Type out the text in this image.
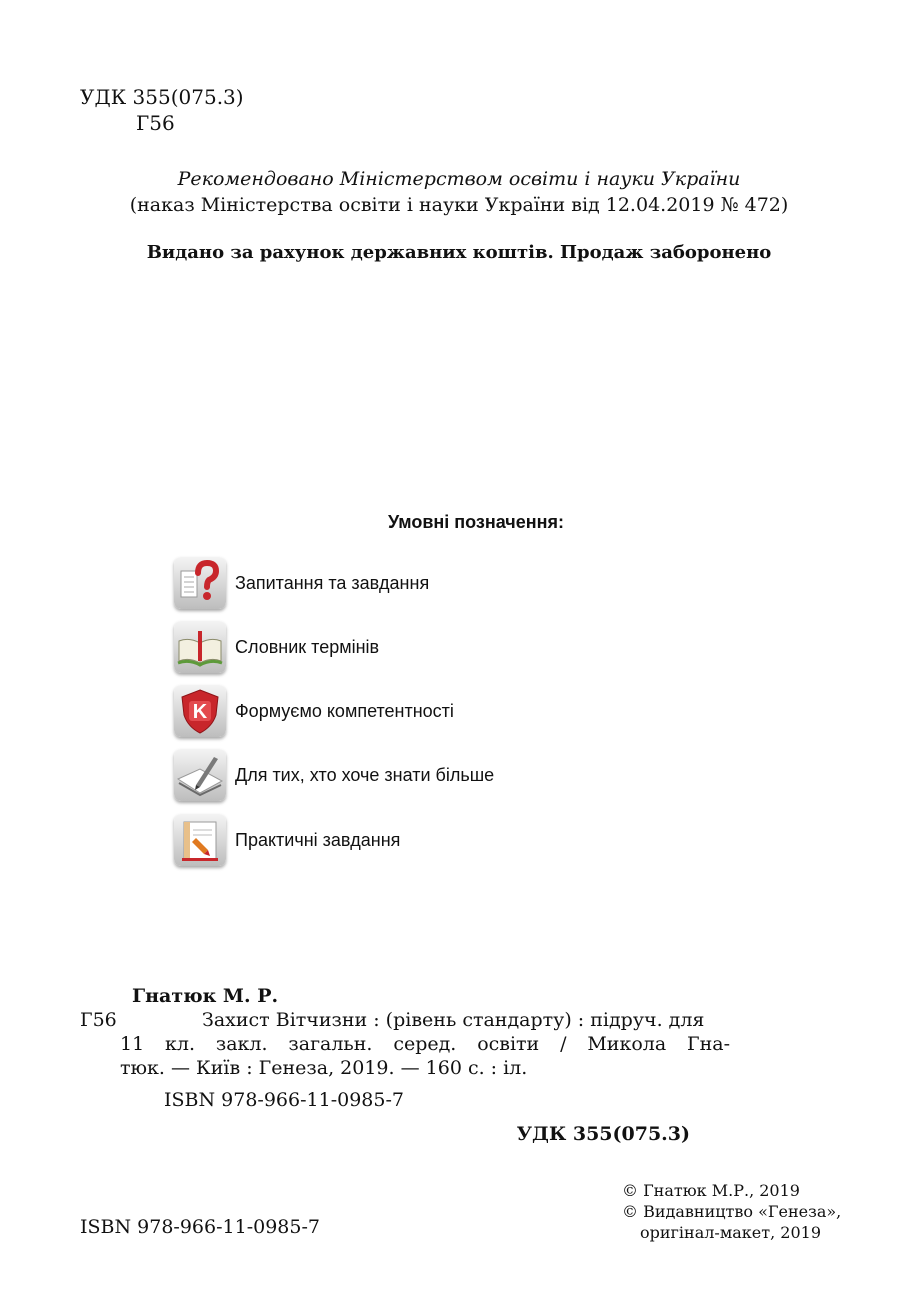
УДК 355(075.3)
Г56
Рекомендовано Міністерством освіти і науки України
(наказ Міністерства освіти і науки України від 12.04.2019 № 472)
Видано за рахунок державних коштів. Продаж заборонено
Умовні позначення:
Запитання та завдання
Словник термінів
K Формуємо компетентності
Для тих, хто хоче знати більше
Практичні завдання
Гнатюк М. Р.
Г56	Захист Вітчизни : (рівень стандарту) : підруч. для
11 кл. закл. загальн. серед. освіти / Микола Гна-
тюк. — Київ : Генеза, 2019. — 160 с. : іл.
ISBN 978-966-11-0985-7
УДК 355(075.3)
© Гнатюк М.Р., 2019
© Видавництво «Генеза»,
оригінал-макет, 2019
ISBN 978-966-11-0985-7
